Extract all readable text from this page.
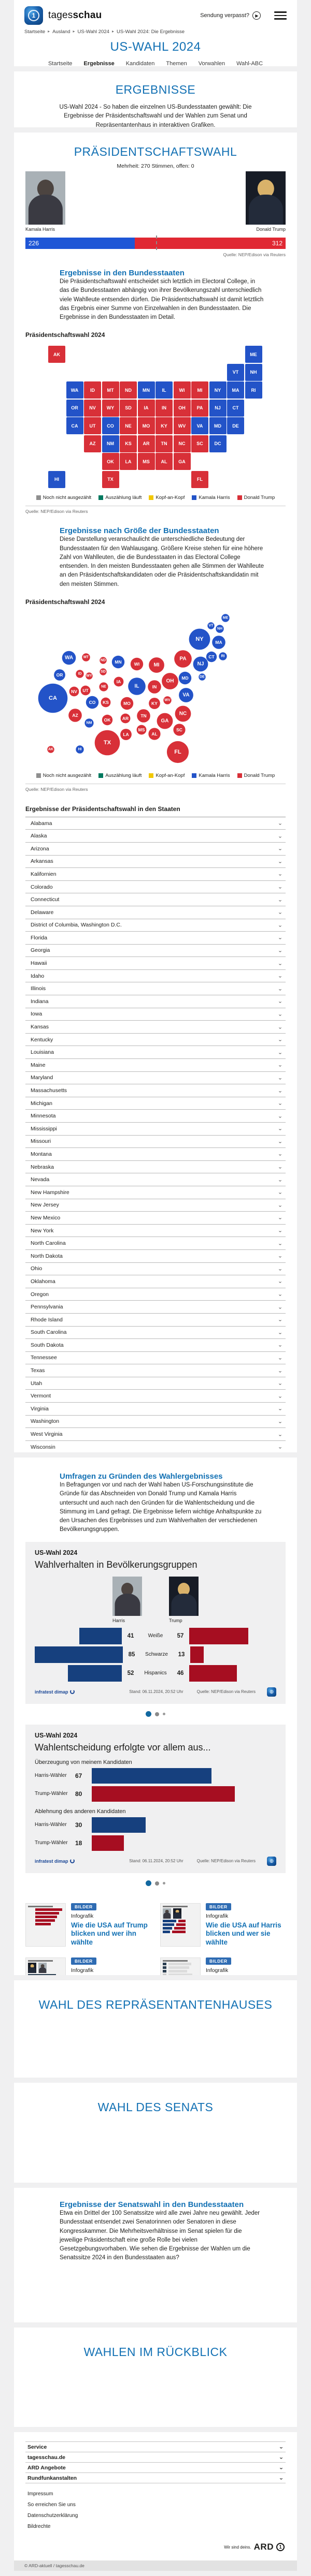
1	tagesschau	Sendung verpasst?	▶
Startseite ▸ Ausland ▸ US-Wahl 2024 ▸ US-Wahl 2024: Die Ergebnisse
US-WAHL 2024
Startseite Ergebnisse Kandidaten Themen Vorwahlen Wahl-ABC
ERGEBNISSE

US-Wahl 2024 - So haben die einzelnen US-Bundesstaaten gewählt: Die Ergebnisse der Präsidentschaftswahl und der Wahlen zum Senat und Repräsentantenhaus in interaktiven Grafiken.

PRÄSIDENTSCHAFTSWAHL
Mehrheit: 270 Stimmen, offen: 0
Kamala Harris	Donald Trump
226	312
Quelle: NEP/Edison via Reuters
Ergebnisse in den Bundesstaaten

Die Präsidentschaftswahl entscheidet sich letztlich im Electoral College, in das die Bundesstaaten abhängig von ihrer Bevölkerungszahl unterschiedlich viele Wahlleute entsenden dürfen. Die Präsidentschaftswahl ist damit letztlich das Ergebnis einer Summe von Einzelwahlen in den Bundesstaaten. Die Ergebnisse in den Bundesstaaten im Detail.

Präsidentschaftswahl 2024
AK	ME
VT	NH
WA	ID	MT	ND	MN	IL	WI	MI	NY	MA	RI
OR	NV	WY	SD	IA	IN	OH	PA	NJ	CT
CA	UT	CO	NE	MO	KY	WV	VA	MD	DE
AZ	NM	KS	AR	TN	NC	SC	DC
OK	LA	MS	AL	GA
HI	TX	FL
Noch nicht ausgezählt	Auszählung läuft	Kopf-an-Kopf	Kamala Harris	Donald Trump
Quelle: NEP/Edison via Reuters
Ergebnisse nach Größe der Bundesstaaten

Diese Darstellung veranschaulicht die unterschiedliche Bedeutung der Bundesstaaten für den Wahlausgang. Größere Kreise stehen für eine höhere Zahl von Wahlleuten, die die Bundesstaaten in das Electoral College entsenden. In den meisten Bundesstaaten gehen alle Stimmen der Wahlleute an den Präsidentschaftskandidaten oder die Präsidentschaftskandidatin mit den meisten Stimmen.

Präsidentschaftswahl 2024
AK
ME
VT
NH
WA
ID
MT
ND MN
IL
WI	MI
NY	MA
RI
OR
NV
WY
SD
IA
IN
OH
PA
NJ
CT
CA
UT
CO
NE
MO	KY
WV
VA
MD	DE
AZ
NM
KS
AR	TN	NC
SC
OK
LA
MS
AL
GA
HI
TX
FL
Noch nicht ausgezählt	Auszählung läuft	Kopf-an-Kopf	Kamala Harris	Donald Trump
Quelle: NEP/Edison via Reuters
Ergebnisse der Präsidentschaftswahl in den Staaten
Alabama	⌄
Alaska	⌄
Arizona	⌄
Arkansas	⌄
Kalifornien	⌄
Colorado	⌄
Connecticut	⌄
Delaware	⌄
District of Columbia, Washington D.C.	⌄
Florida	⌄
Georgia	⌄
Hawaii	⌄
Idaho	⌄
Illinois	⌄
Indiana	⌄
Iowa	⌄
Kansas	⌄
Kentucky	⌄
Louisiana	⌄
Maine	⌄
Maryland	⌄
Massachusetts	⌄
Michigan	⌄
Minnesota	⌄
Mississippi	⌄
Missouri	⌄
Montana	⌄
Nebraska	⌄
Nevada	⌄
New Hampshire	⌄
New Jersey	⌄
New Mexico	⌄
New York	⌄
North Carolina	⌄
North Dakota	⌄
Ohio	⌄
Oklahoma	⌄
Oregon	⌄
Pennsylvania	⌄
Rhode Island	⌄
South Carolina	⌄
South Dakota	⌄
Tennessee	⌄
Texas	⌄
Utah	⌄
Vermont	⌄
Virginia	⌄
Washington	⌄
West Virginia	⌄
Wisconsin	⌄
Umfragen zu Gründen des Wahlergebnisses

In Befragungen vor und nach der Wahl haben US-Forschungsinstitute die Gründe für das Abschneiden von Donald Trump und Kamala Harris untersucht und auch nach den Gründen für die Wahlentscheidung und die Stimmung im Land gefragt. Die Ergebnisse liefern wichtige Anhaltspunkte zu den Ursachen des Ergebnisses und zum Wahlverhalten der verschiedenen Bevölkerungsgruppen.

US-Wahl 2024
Wahlverhalten in Bevölkerungsgruppen
Harris	Trump
41	Weiße	57
85	Schwarze	13
52	Hispanics	46
infratest dimap	Stand: 06.11.2024, 20:52 Uhr	Quelle: NEP/Edison via Reuters	◍
US-Wahl 2024
Wahlentscheidung erfolgte vor allem aus...
Überzeugung von meinem Kandidaten
Harris-Wähler	67
Trump-Wähler	80
Ablehnung des anderen Kandidaten
Harris-Wähler	30
Trump-Wähler	18
infratest dimap	Stand: 06.11.2024, 20:52 Uhr	Quelle: NEP/Edison via Reuters	◍
BILDER
Infografik
Wie die USA auf Trump blicken und wer ihn wählte
BILDER
Infografik
Wie die USA auf Harris blicken und wer sie wählte
BILDER
Infografik
BILDER
Infografik
WAHL DES REPRÄSENTANTENHAUSES
WAHL DES SENATS
Ergebnisse der Senatswahl in den Bundesstaaten

Etwa ein Drittel der 100 Senatssitze wird alle zwei Jahre neu gewählt. Jeder Bundesstaat entsendet zwei Senatorinnen oder Senatoren in diese Kongresskammer. Die Mehrheitsverhältnisse im Senat spielen für die jeweilige Präsidentschaft eine große Rolle bei vielen Gesetzgebungsvorhaben. Wie sehen die Ergebnisse der Wahlen um die Senatssitze 2024 in den Bundesstaaten aus?

WAHLEN IM RÜCKBLICK
Service	⌄
tagesschau.de	⌄
ARD Angebote	⌄
Rundfunkanstalten	⌄
Impressum
So erreichen Sie uns
Datenschutzerklärung
Bildrechte
Wir sind deins. ARD	1
© ARD-aktuell / tagesschau.de
